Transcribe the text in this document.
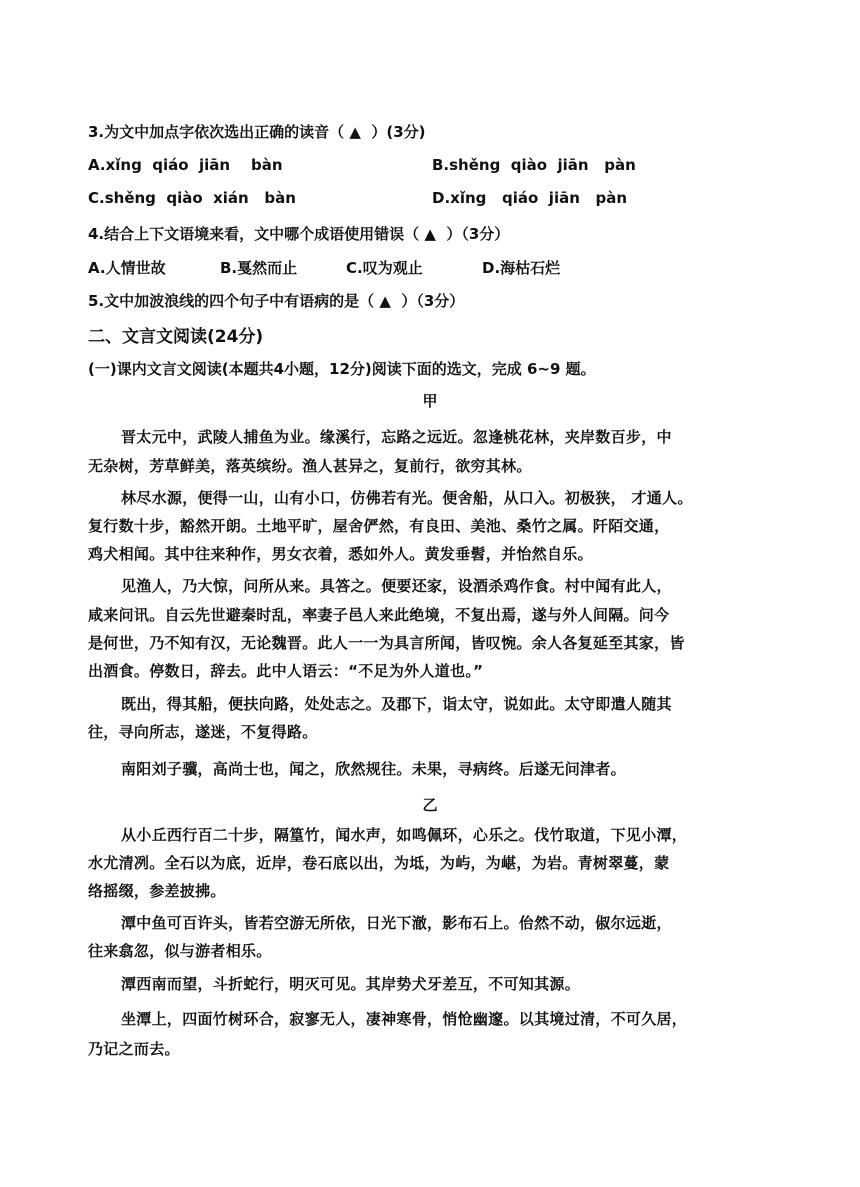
3.为文中加点字依次选出正确的读音（ ▲  ）(3分)
A.xǐng  qiáo  jiān    bàn	B.shěng  qiào  jiān   pàn
C.shěng  qiào  xián   bàn	D.xǐng   qiáo  jiān   pàn
4.结合上下文语境来看，文中哪个成语使用错误（ ▲  ）（3分）
A.人情世故	B.戛然而止	C.叹为观止	D.海枯石烂
5.文中加波浪线的四个句子中有语病的是（ ▲  ）（3分）
二、文言文阅读(24分)
(一)课内文言文阅读(本题共4小题，12分)阅读下面的选文，完成 6~9 题。
甲
晋太元中，武陵人捕鱼为业。缘溪行，忘路之远近。忽逢桃花林，夹岸数百步，中
无杂树，芳草鲜美，落英缤纷。渔人甚异之，复前行，欲穷其林。
林尽水源，便得一山，山有小口，仿佛若有光。便舍船，从口入。初极狭， 才通人。
复行数十步，豁然开朗。土地平旷，屋舍俨然，有良田、美池、桑竹之属。阡陌交通，
鸡犬相闻。其中往来种作，男女衣着，悉如外人。黄发垂髫，并怡然自乐。
见渔人，乃大惊，问所从来。具答之。便要还家，设酒杀鸡作食。村中闻有此人，
咸来问讯。自云先世避秦时乱，率妻子邑人来此绝境，不复出焉，遂与外人间隔。问今
是何世，乃不知有汉，无论魏晋。此人一一为具言所闻，皆叹惋。余人各复延至其家，皆
出酒食。停数日，辞去。此中人语云：“不足为外人道也。”
既出，得其船，便扶向路，处处志之。及郡下，诣太守，说如此。太守即遣人随其
往，寻向所志，遂迷，不复得路。
南阳刘子骥，高尚士也，闻之，欣然规往。未果，寻病终。后遂无问津者。
乙
从小丘西行百二十步，隔篁竹，闻水声，如鸣佩环，心乐之。伐竹取道，下见小潭，
水尤清冽。全石以为底，近岸，卷石底以出，为坻，为屿，为嵁，为岩。青树翠蔓，蒙
络摇缀，参差披拂。
潭中鱼可百许头，皆若空游无所依，日光下澈，影布石上。佁然不动，俶尔远逝，
往来翕忽，似与游者相乐。
潭西南而望，斗折蛇行，明灭可见。其岸势犬牙差互，不可知其源。
坐潭上，四面竹树环合，寂寥无人，凄神寒骨，悄怆幽邃。以其境过清，不可久居，
乃记之而去。
